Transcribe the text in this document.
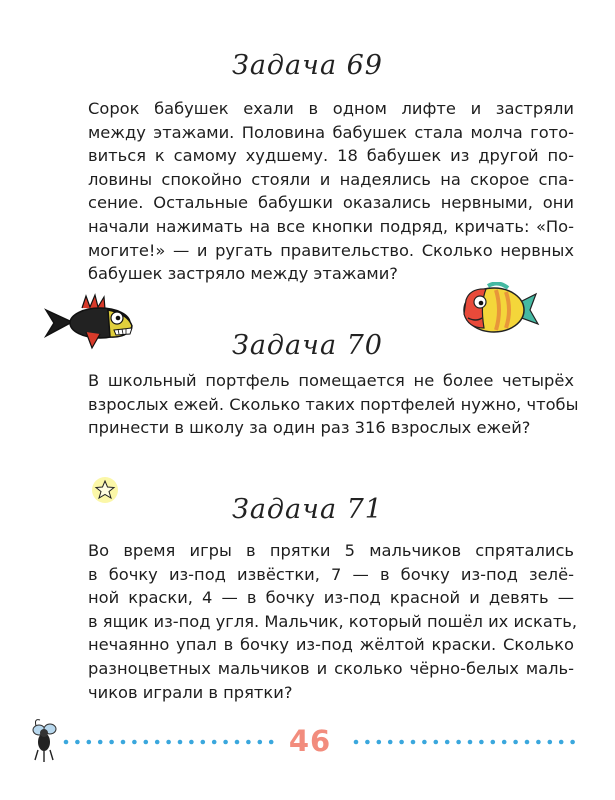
Задача 69
Сорок бабушек ехали в одном лифте и застряли
между этажами. Половина бабушек стала молча гото-
виться к самому худшему. 18 бабушек из другой по-
ловины спокойно стояли и надеялись на скорое спа-
сение. Остальные бабушки оказались нервными, они
начали нажимать на все кнопки подряд, кричать: «По-
могите!» — и ругать правительство. Сколько нервных
бабушек застряло между этажами?
Задача 70
В школьный портфель помещается не более четырёх
взрослых ежей. Сколько таких портфелей нужно, чтобы
принести в школу за один раз 316 взрослых ежей?
Задача 71
Во время игры в прятки 5 мальчиков спрятались
в бочку из-под извёстки, 7 — в бочку из-под зелё-
ной краски, 4 — в бочку из-под красной и девять —
в ящик из-под угля. Мальчик, который пошёл их искать,
нечаянно упал в бочку из-под жёлтой краски. Сколько
разноцветных мальчиков и сколько чёрно-белых маль-
чиков играли в прятки?
46
